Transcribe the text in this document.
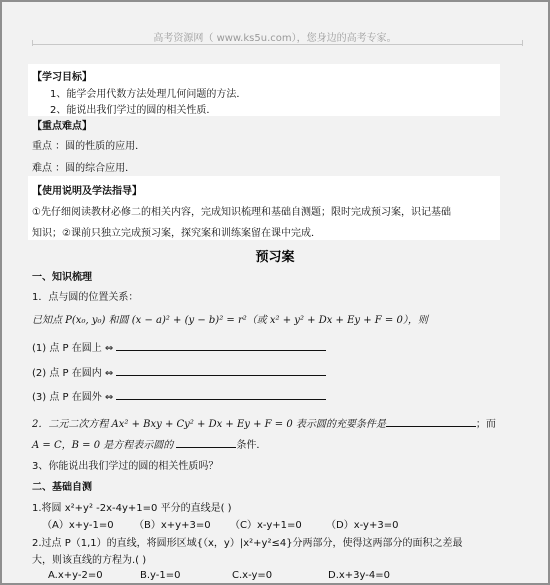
高考资源网（ www.ks5u.com），您身边的高考专家。
【学习目标】
1、能学会用代数方法处理几何问题的方法．
2、能说出我们学过的圆的相关性质．
【重点难点】
重点 ：圆的性质的应用．
难点 ：圆的综合应用．
【使用说明及学法指导】
①先仔细阅读教材必修二的相关内容，完成知识梳理和基础自测题；限时完成预习案，识记基础
知识；②课前只独立完成预习案，探究案和训练案留在课中完成．
预习案
一、知识梳理
1．点与圆的位置关系：
已知点 P(x₀, y₀) 和圆 (x − a)² + (y − b)² = r²（或 x² + y² + Dx + Ey + F = 0），则
(1) 点 P 在圆上 ⇔
(2) 点 P 在圆内 ⇔
(3) 点 P 在圆外 ⇔
2．二元二次方程 Ax² + Bxy + Cy² + Dx + Ey + F = 0 表示圆的充要条件是	；而
A = C，B = 0 是方程表示圆的	条件．
3、你能说出我们学过的圆的相关性质吗？
二、基础自测
1.将圆 x²+y² -2x-4y+1=0 平分的直线是( )
（A）x+y-1=0 （B）x+y+3=0 （C）x-y+1=0 （D）x-y+3=0
2.过点 P（1,1）的直线，将圆形区域{（x，y）|x²+y²≤4}分两部分，使得这两部分的面积之差最
大，则该直线的方程为.( )
A.x+y-2=0	B.y-1=0	C.x-y=0	D.x+3y-4=0
